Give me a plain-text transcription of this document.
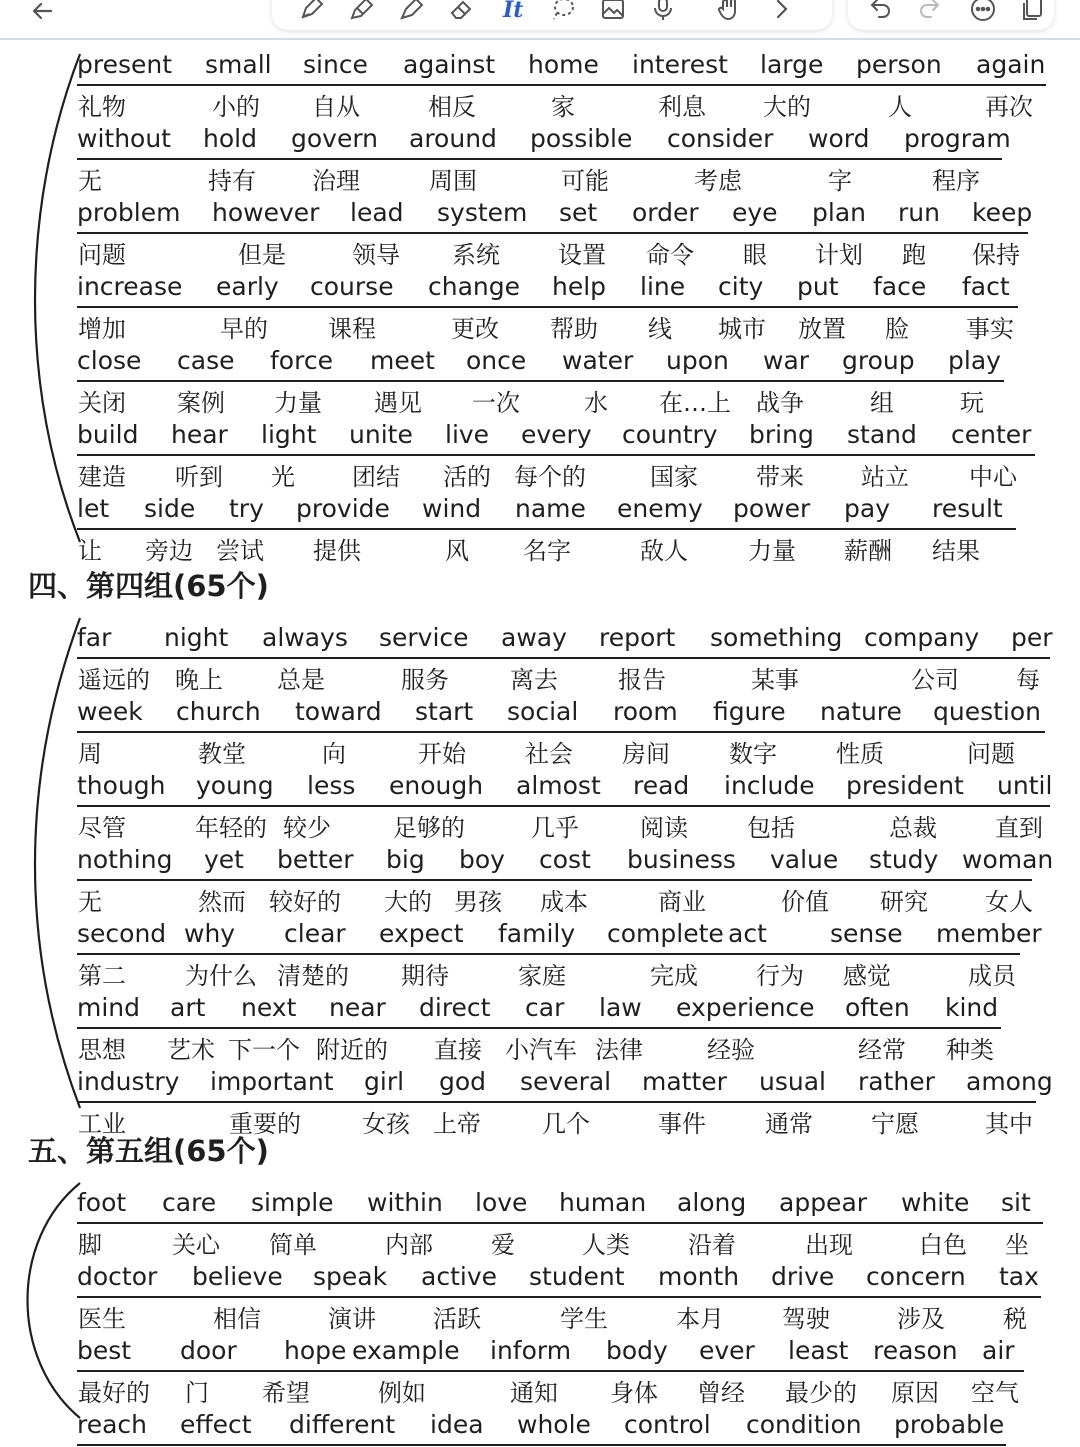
It
present small since against home interest large person again
礼物	小的 自从	相反	家	利息 大的	人	再次
without hold govern around possible consider word program
无	持有 治理	周围	可能	考虑	字	程序
problem however lead system set order eye plan run keep
问题	但是	领导 系统 设置 命令 眼 计划 跑 保持
increase early course change help line city put face fact
增加	早的	课程	更改 帮助 线 城市 放置 脸 事实
close case force meet once water upon war group play
关闭 案例 力量 遇见 一次	水 在…上 战争	组	玩
build hear light unite live every country bring stand center
建造 听到 光 团结 活的 每个的	国家 带来 站立	中心
let side try provide wind name enemy power pay result
让 旁边 尝试 提供	风 名字	敌人	力量 薪酬 结果
四、第四组(65个)
far night always service away report something company per
遥远的 晚上 总是	服务	离去	报告	某事	公司 每
week church toward start social room figure nature question
周	教堂	向	开始 社会 房间 数字 性质	问题
though young less enough almost read include president until
尽管	年轻的 较少	足够的	几乎	阅读 包括	总裁 直到
nothing yet better big boy cost business value study woman
无	然而 较好的 大的 男孩 成本	商业	价值 研究 女人
second why clear expect family complete act	sense member
第二 为什么 清楚的 期待	家庭	完成 行为 感觉	成员
mind art next near direct car law experience often kind
思想 艺术 下一个 附近的 直接 小汽车 法律	经验	经常 种类
industry important girl god several matter usual rather among
工业	重要的	女孩 上帝	几个	事件 通常 宁愿	其中
五、第五组(65个)
foot care simple within love human along appear white sit
脚	关心 简单	内部 爱	人类 沿着	出现	白色 坐
doctor believe speak active student month drive concern tax
医生	相信	演讲 活跃	学生	本月 驾驶	涉及 税
best door hope example inform body ever least reason air
最好的 门 希望	例如	通知 身体 曾经 最少的 原因 空气
reach effect different idea whole control condition probable
